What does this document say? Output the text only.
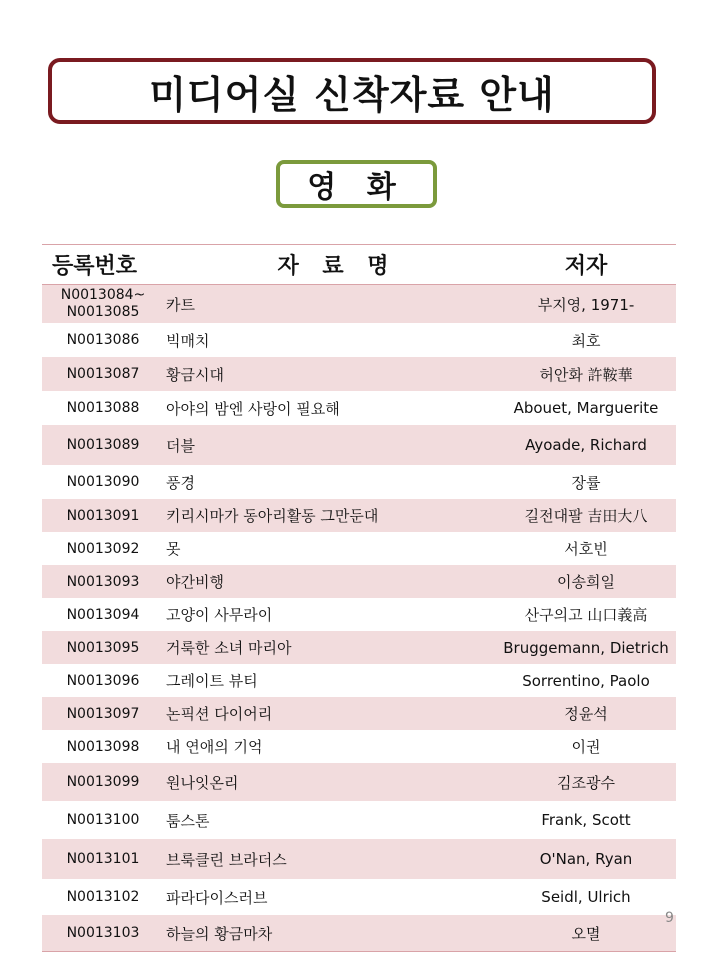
미디어실 신착자료 안내
영 화
등록번호	자 료 명	저자
N0013084~
N0013085	카트	부지영, 1971-
N0013086	빅매치	최호
N0013087	황금시대	허안화 許鞍華
N0013088	아야의 밤엔 사랑이 필요해	Abouet, Marguerite
N0013089	더블	Ayoade, Richard
N0013090	풍경	장률
N0013091	키리시마가 동아리활동 그만둔대	길전대팔 吉田大八
N0013092	못	서호빈
N0013093	야간비행	이송희일
N0013094	고양이 사무라이	산구의고 山口義高
N0013095	거룩한 소녀 마리아	Bruggemann, Dietrich
N0013096	그레이트 뷰티	Sorrentino, Paolo
N0013097	논픽션 다이어리	정윤석
N0013098	내 연애의 기억	이권
N0013099	원나잇온리	김조광수
N0013100	툼스톤	Frank, Scott
N0013101	브룩클린 브라더스	O'Nan, Ryan
N0013102	파라다이스러브	Seidl, Ulrich
N0013103	하늘의 황금마차	오멸
9
